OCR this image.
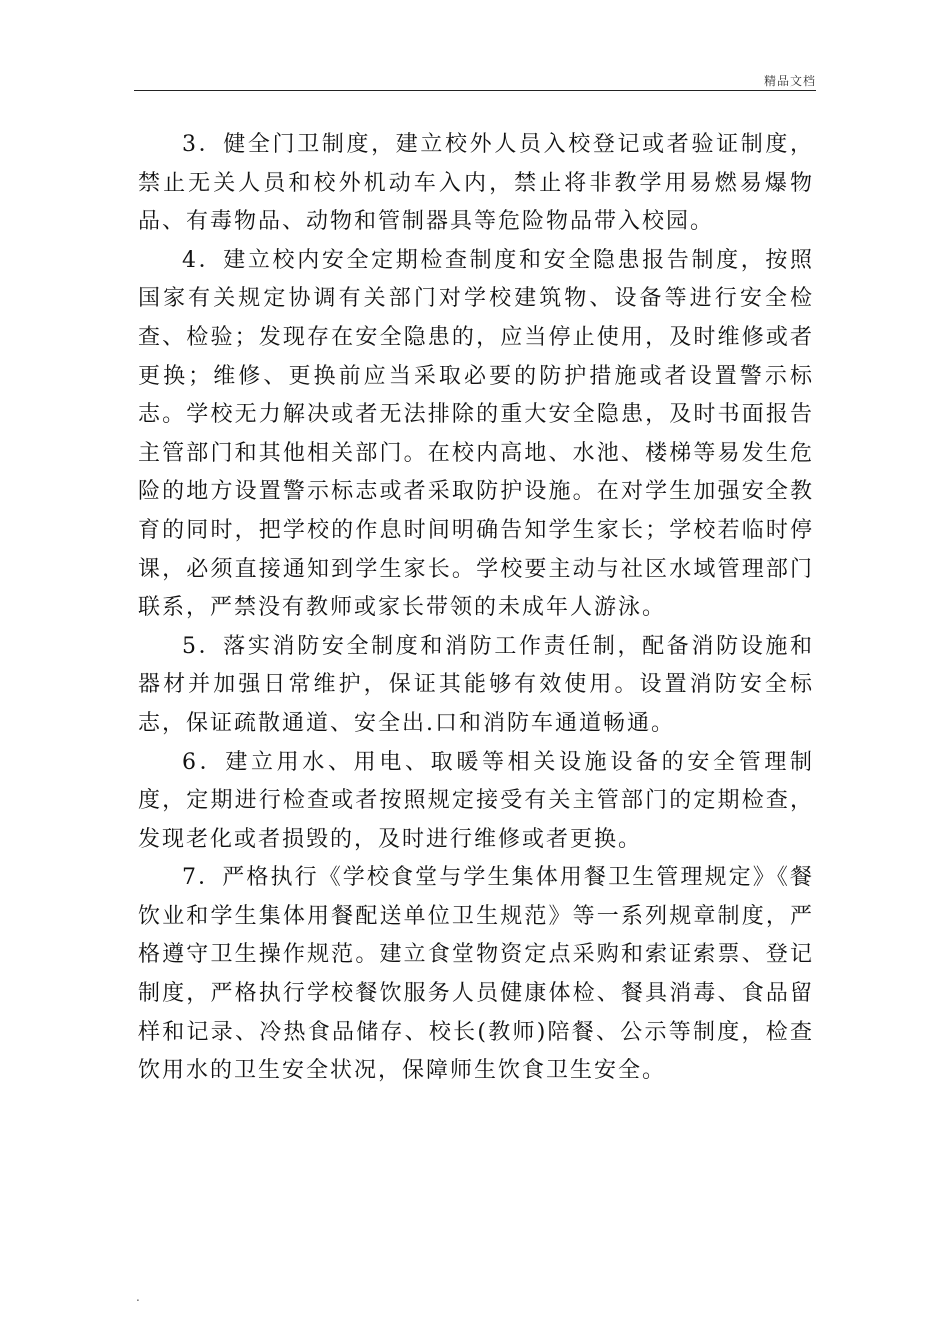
精品文档

3．健全门卫制度，建立校外人员入校登记或者验证制度，禁止无关人员和校外机动车入内，禁止将非教学用易燃易爆物品、有毒物品、动物和管制器具等危险物品带入校园。

4．建立校内安全定期检查制度和安全隐患报告制度，按照国家有关规定协调有关部门对学校建筑物、设备等进行安全检查、检验；发现存在安全隐患的，应当停止使用，及时维修或者更换；维修、更换前应当采取必要的防护措施或者设置警示标志。学校无力解决或者无法排除的重大安全隐患，及时书面报告主管部门和其他相关部门。在校内高地、水池、楼梯等易发生危险的地方设置警示标志或者采取防护设施。在对学生加强安全教育的同时，把学校的作息时间明确告知学生家长；学校若临时停课，必须直接通知到学生家长。学校要主动与社区水域管理部门联系，严禁没有教师或家长带领的未成年人游泳。

5．落实消防安全制度和消防工作责任制，配备消防设施和器材并加强日常维护，保证其能够有效使用。设置消防安全标志，保证疏散通道、安全出.口和消防车通道畅通。

6．建立用水、用电、取暖等相关设施设备的安全管理制度，定期进行检查或者按照规定接受有关主管部门的定期检查，发现老化或者损毁的，及时进行维修或者更换。

7．严格执行《学校食堂与学生集体用餐卫生管理规定》《餐饮业和学生集体用餐配送单位卫生规范》等一系列规章制度，严格遵守卫生操作规范。建立食堂物资定点采购和索证索票、登记制度，严格执行学校餐饮服务人员健康体检、餐具消毒、食品留样和记录、冷热食品储存、校长(教师)陪餐、公示等制度，检查饮用水的卫生安全状况，保障师生饮食卫生安全。

.
